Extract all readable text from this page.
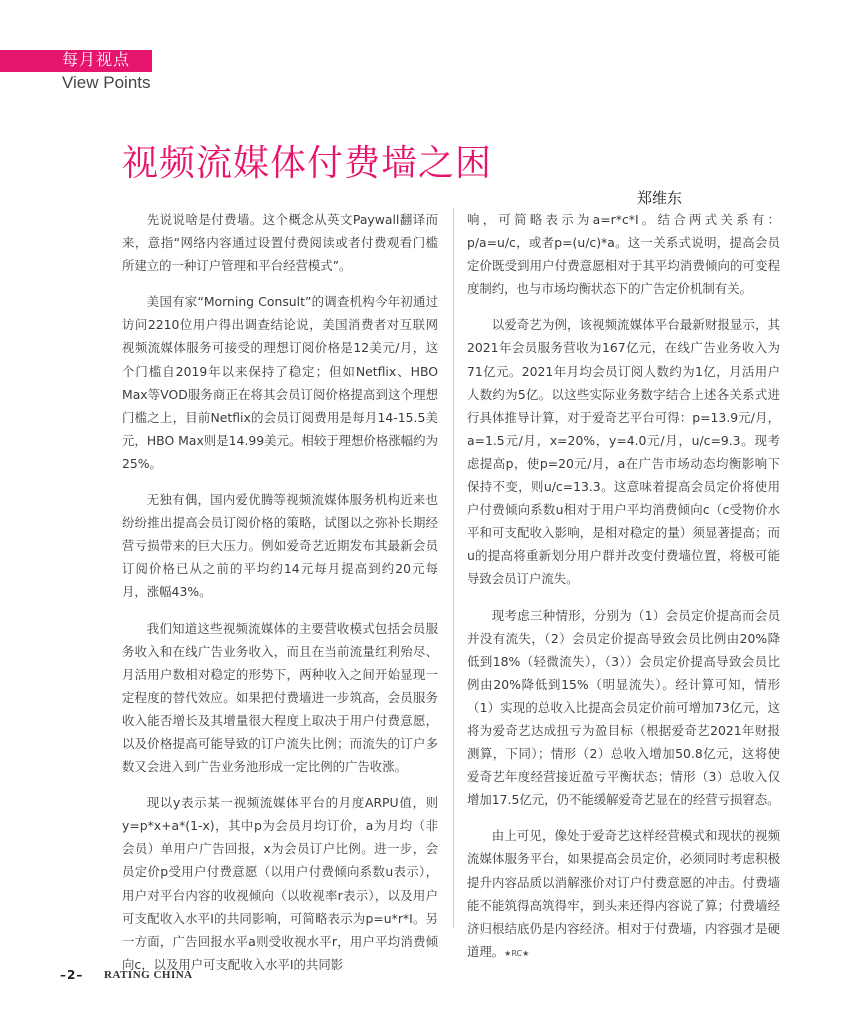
每月视点
View Points
视频流媒体付费墙之困
郑维东

先说说啥是付费墙。这个概念从英文Paywall翻译而来，意指“网络内容通过设置付费阅读或者付费观看门槛所建立的一种订户管理和平台经营模式”。

美国有家“Morning Consult”的调查机构今年初通过访问2210位用户得出调查结论说，美国消费者对互联网视频流媒体服务可接受的理想订阅价格是12美元/月，这个门槛自2019年以来保持了稳定；但如Netflix、HBO Max等VOD服务商正在将其会员订阅价格提高到这个理想门槛之上，目前Netflix的会员订阅费用是每月14-15.5美元，HBO Max则是14.99美元。相较于理想价格涨幅约为25%。

无独有偶，国内爱优腾等视频流媒体服务机构近来也纷纷推出提高会员订阅价格的策略，试图以之弥补长期经营亏损带来的巨大压力。例如爱奇艺近期发布其最新会员订阅价格已从之前的平均约14元每月提高到约20元每月，涨幅43%。

我们知道这些视频流媒体的主要营收模式包括会员服务收入和在线广告业务收入，而且在当前流量红利殆尽、月活用户数相对稳定的形势下，两种收入之间开始显现一定程度的替代效应。如果把付费墙进一步筑高，会员服务收入能否增长及其增量很大程度上取决于用户付费意愿，以及价格提高可能导致的订户流失比例；而流失的订户多数又会进入到广告业务池形成一定比例的广告收涨。

现以y表示某一视频流媒体平台的月度ARPU值，则y=p*x+a*(1-x)，其中p为会员月均订价，a为月均（非会员）单用户广告回报，x为会员订户比例。进一步，会员定价p受用户付费意愿（以用户付费倾向系数u表示），用户对平台内容的收视倾向（以收视率r表示），以及用户可支配收入水平I的共同影响，可简略表示为p=u*r*I。另一方面，广告回报水平a则受收视水平r，用户平均消费倾向c，以及用户可支配收入水平I的共同影

响，可简略表示为a=r*c*I。结合两式关系有：p/a=u/c，或者p=(u/c)*a。这一关系式说明，提高会员定价既受到用户付费意愿相对于其平均消费倾向的可变程度制约，也与市场均衡状态下的广告定价机制有关。

以爱奇艺为例，该视频流媒体平台最新财报显示，其2021年会员服务营收为167亿元，在线广告业务收入为71亿元。2021年月均会员订阅人数约为1亿，月活用户人数约为5亿。以这些实际业务数字结合上述各关系式进行具体推导计算，对于爱奇艺平台可得：p=13.9元/月，a=1.5元/月，x=20%，y=4.0元/月，u/c=9.3。现考虑提高p，使p=20元/月，a在广告市场动态均衡影响下保持不变，则u/c=13.3。这意味着提高会员定价将使用户付费倾向系数u相对于用户平均消费倾向c（c受物价水平和可支配收入影响，是相对稳定的量）须显著提高；而u的提高将重新划分用户群并改变付费墙位置，将极可能导致会员订户流失。

现考虑三种情形，分别为（1）会员定价提高而会员并没有流失，（2）会员定价提高导致会员比例由20%降低到18%（轻微流失），（3））会员定价提高导致会员比例由20%降低到15%（明显流失）。经计算可知，情形（1）实现的总收入比提高会员定价前可增加73亿元，这将为爱奇艺达成扭亏为盈目标（根据爱奇艺2021年财报测算，下同）；情形（2）总收入增加50.8亿元，这将使爱奇艺年度经营接近盈亏平衡状态；情形（3）总收入仅增加17.5亿元，仍不能缓解爱奇艺显在的经营亏损窘态。

由上可见，像处于爱奇艺这样经营模式和现状的视频流媒体服务平台，如果提高会员定价，必须同时考虑积极提升内容品质以消解涨价对订户付费意愿的冲击。付费墙能不能筑得高筑得牢，到头来还得内容说了算；付费墙经济归根结底仍是内容经济。相对于付费墙，内容强才是硬道理。★RC★

–2– RATING CHINA
